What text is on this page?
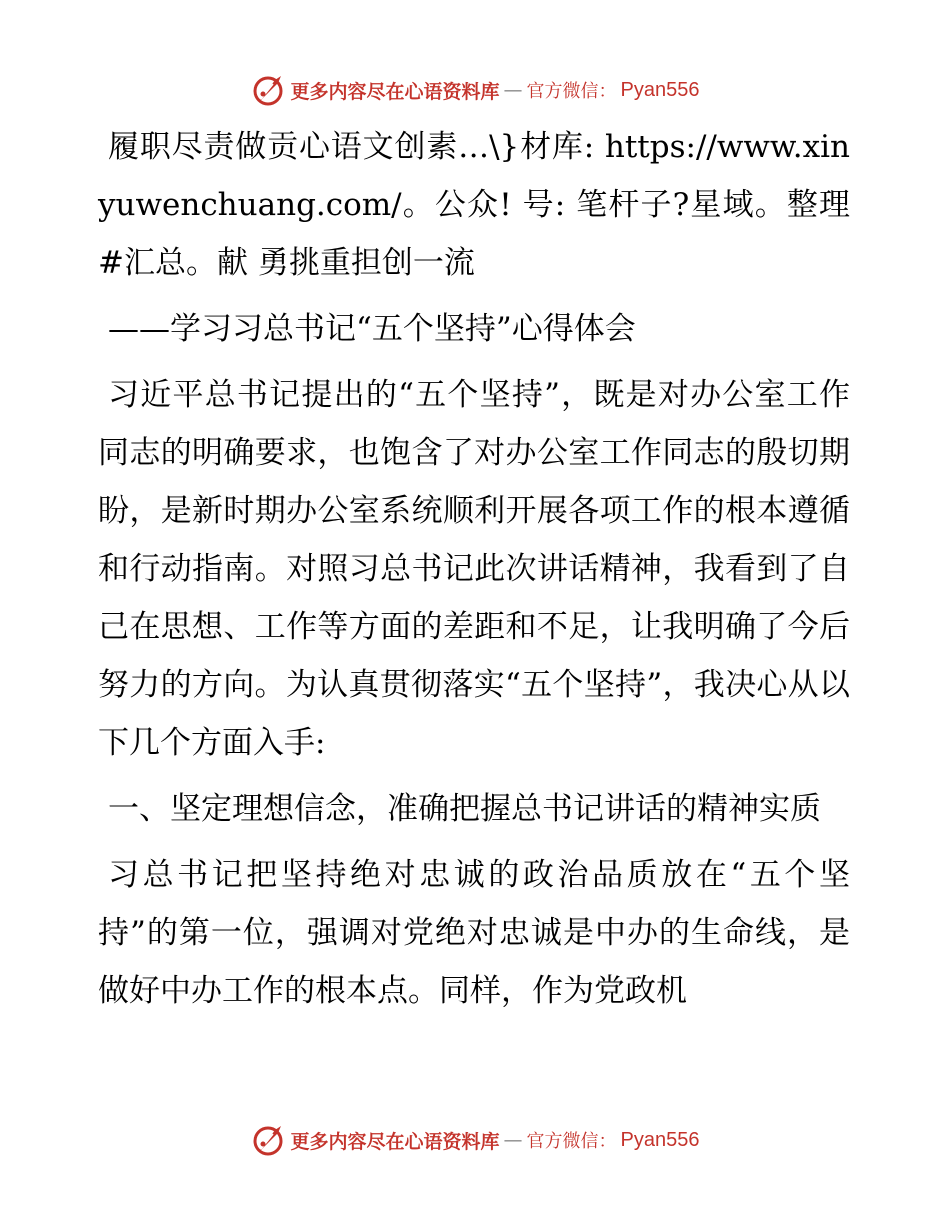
更多内容尽在心语资料库 — 官方微信： Pyan556

履职尽责做贡心语文创素…\}材库: https://www.xinyuwenchuang.com/。公众! 号: 笔杆子?星域。整理#汇总。献 勇挑重担创一流

——学习习总书记“五个坚持”心得体会

习近平总书记提出的“五个坚持”，既是对办公室工作同志的明确要求，也饱含了对办公室工作同志的殷切期盼，是新时期办公室系统顺利开展各项工作的根本遵循和行动指南。对照习总书记此次讲话精神，我看到了自己在思想、工作等方面的差距和不足，让我明确了今后努力的方向。为认真贯彻落实“五个坚持”，我决心从以下几个方面入手:

一、坚定理想信念，准确把握总书记讲话的精神实质

习总书记把坚持绝对忠诚的政治品质放在“五个坚持”的第一位，强调对党绝对忠诚是中办的生命线，是做好中办工作的根本点。同样，作为党政机

更多内容尽在心语资料库 — 官方微信： Pyan556
